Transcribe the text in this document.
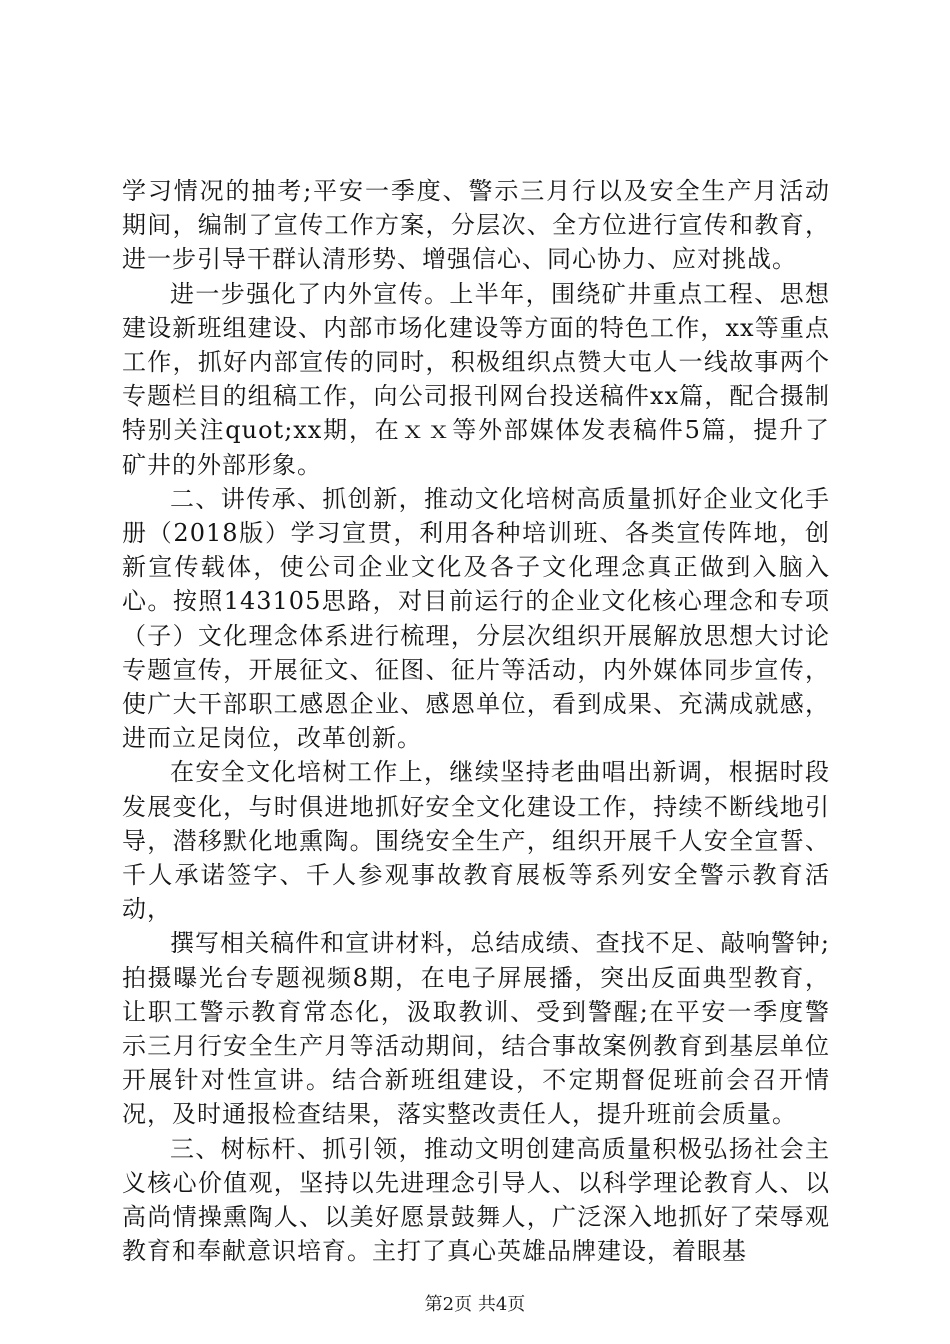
学习情况的抽考;平安一季度、警示三月行以及安全生产月活动期间，编制了宣传工作方案，分层次、全方位进行宣传和教育，进一步引导干群认清形势、增强信心、同心协力、应对挑战。

进一步强化了内外宣传。上半年，围绕矿井重点工程、思想建设新班组建设、内部市场化建设等方面的特色工作，xx等重点工作，抓好内部宣传的同时，积极组织点赞大屯人一线故事两个专题栏目的组稿工作，向公司报刊网台投送稿件xx篇，配合摄制特别关注quot;xx期，在ｘｘ等外部媒体发表稿件5篇，提升了矿井的外部形象。

二、讲传承、抓创新，推动文化培树高质量抓好企业文化手册（2018版）学习宣贯，利用各种培训班、各类宣传阵地，创新宣传载体，使公司企业文化及各子文化理念真正做到入脑入心。按照143105思路，对目前运行的企业文化核心理念和专项（子）文化理念体系进行梳理，分层次组织开展解放思想大讨论专题宣传，开展征文、征图、征片等活动，内外媒体同步宣传，使广大干部职工感恩企业、感恩单位，看到成果、充满成就感，进而立足岗位，改革创新。

在安全文化培树工作上，继续坚持老曲唱出新调，根据时段发展变化，与时俱进地抓好安全文化建设工作，持续不断线地引导，潜移默化地熏陶。围绕安全生产，组织开展千人安全宣誓、千人承诺签字、千人参观事故教育展板等系列安全警示教育活动，

撰写相关稿件和宣讲材料，总结成绩、查找不足、敲响警钟;拍摄曝光台专题视频8期，在电子屏展播，突出反面典型教育，让职工警示教育常态化，汲取教训、受到警醒;在平安一季度警示三月行安全生产月等活动期间，结合事故案例教育到基层单位开展针对性宣讲。结合新班组建设，不定期督促班前会召开情况，及时通报检查结果，落实整改责任人，提升班前会质量。

三、树标杆、抓引领，推动文明创建高质量积极弘扬社会主义核心价值观，坚持以先进理念引导人、以科学理论教育人、以高尚情操熏陶人、以美好愿景鼓舞人，广泛深入地抓好了荣辱观教育和奉献意识培育。主打了真心英雄品牌建设，着眼基

第2页 共4页
